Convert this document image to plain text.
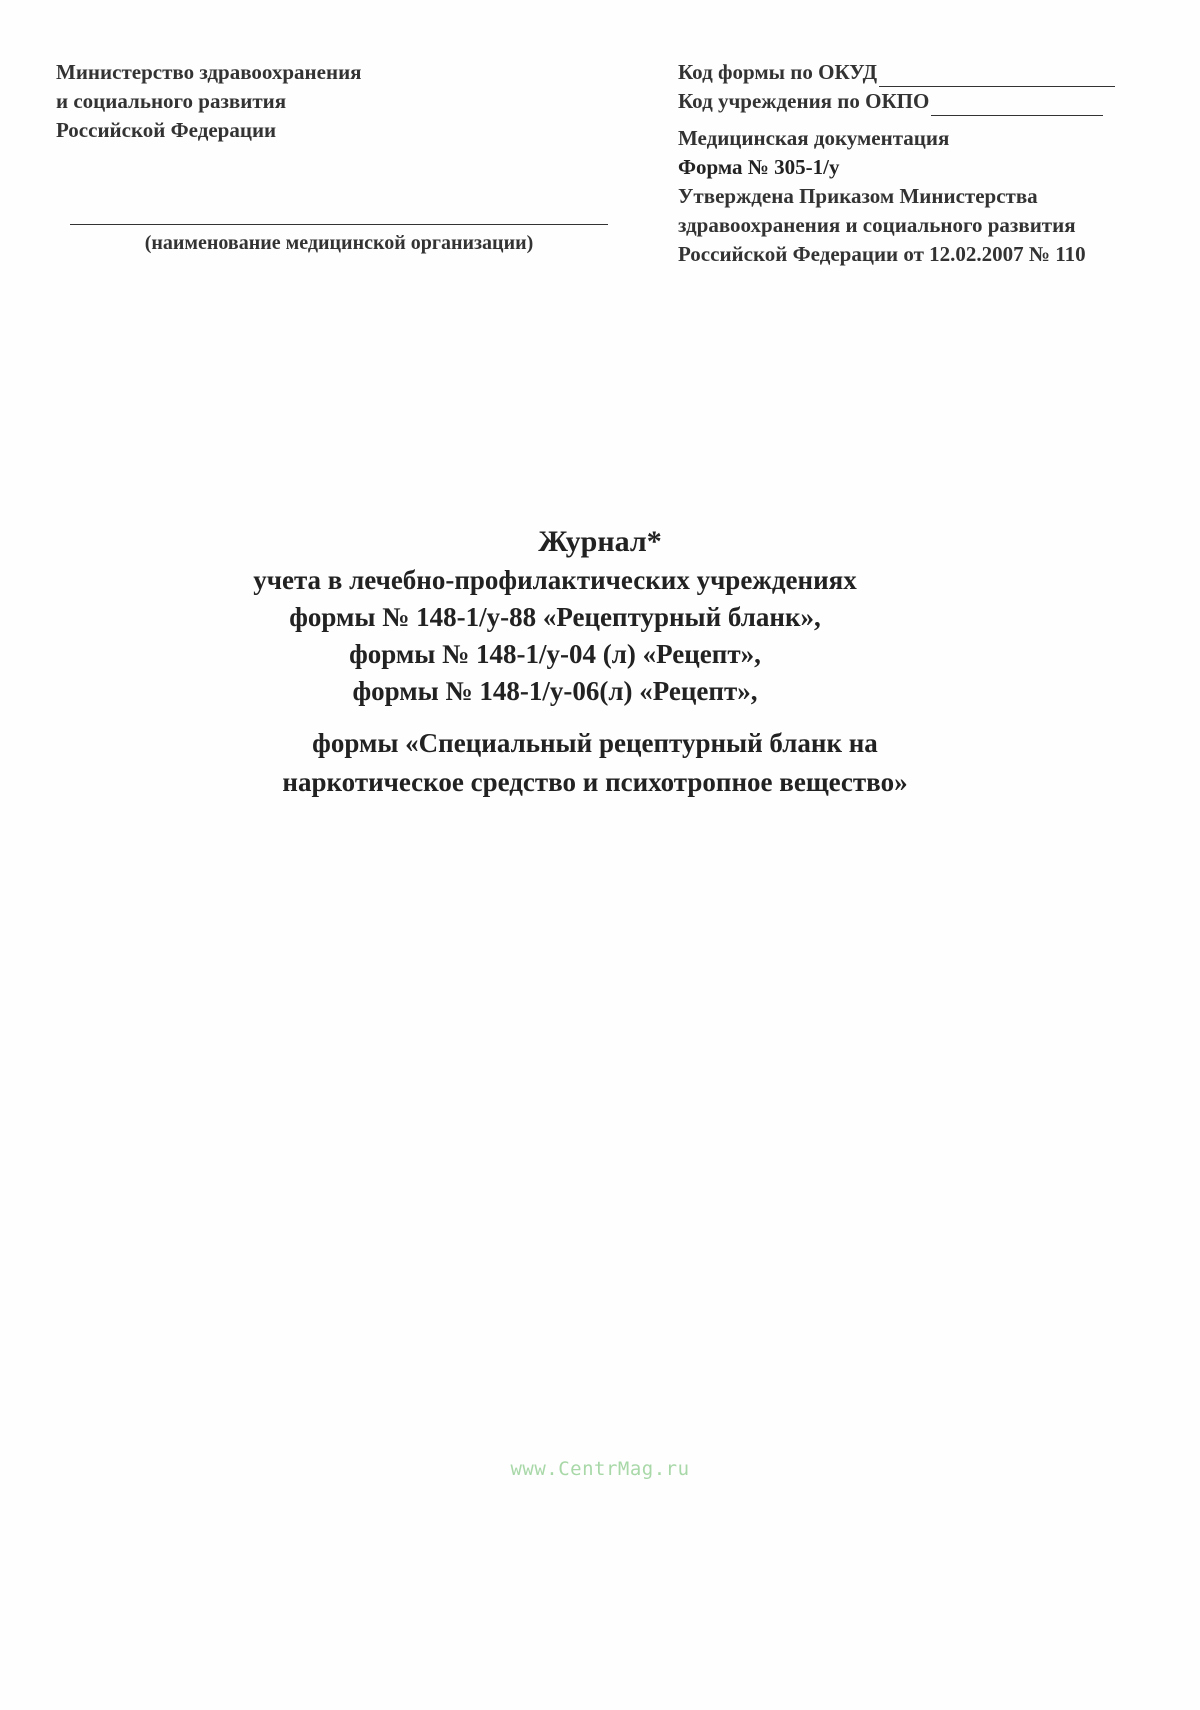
Министерство здравоохранения
и социального развития
Российской Федерации
(наименование медицинской организации)
Код формы по ОКУД
Код учреждения по ОКПО
Медицинская документация
Форма № 305-1/у
Утверждена Приказом Министерства
здравоохранения и социального развития
Российской Федерации от 12.02.2007 № 110
Журнал*
учета в лечебно-профилактических учреждениях
формы № 148-1/у-88 «Рецептурный бланк»,
формы № 148-1/у-04 (л) «Рецепт»,
формы № 148-1/у-06(л) «Рецепт»,
формы «Специальный рецептурный бланк на
наркотическое средство и психотропное вещество»
www.CentrMag.ru
